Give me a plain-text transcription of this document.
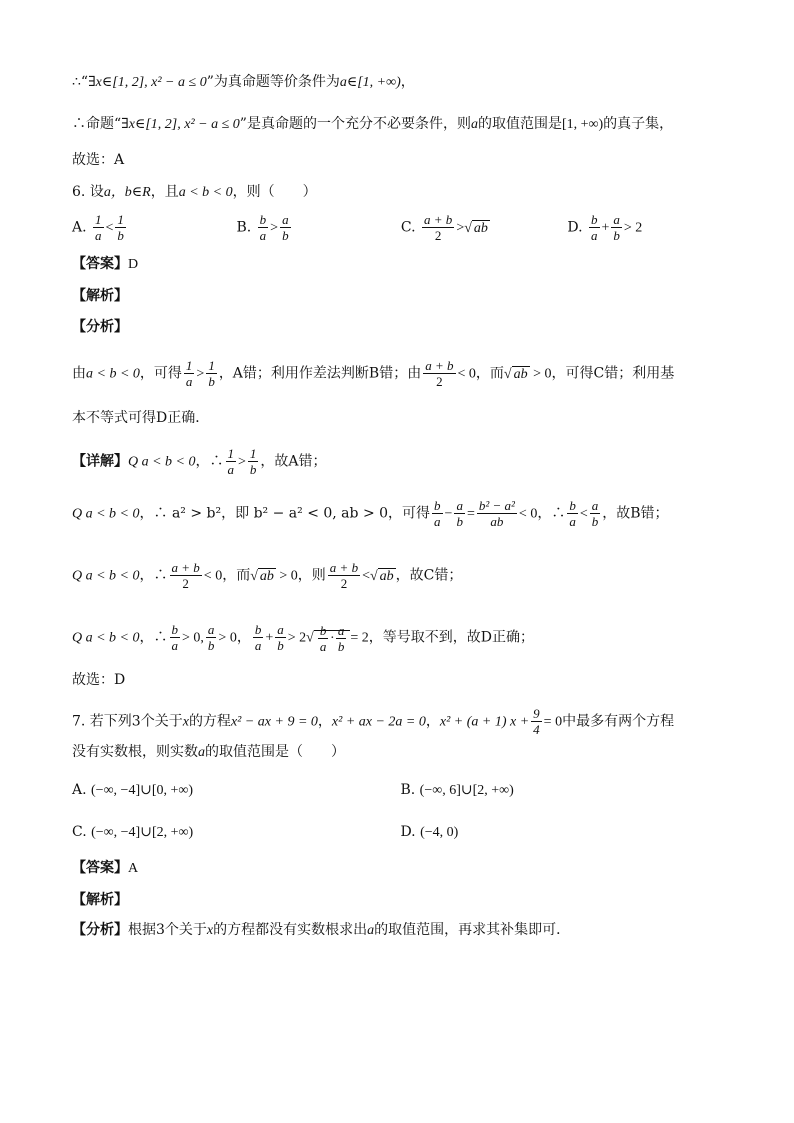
∴“∃x∈[1, 2], x² − a ≤ 0”为真命题等价条件为a∈[1, +∞)，
∴命题“∃x∈[1, 2], x² − a ≤ 0”是真命题的一个充分不必要条件，则a的取值范围是[1, +∞)的真子集，
故选：A
6. 设a，b∈R，且a < b < 0，则（　　）
A. $\frac{1}{a} < \frac{1}{b}$	B. $\frac{b}{a} > \frac{a}{b}$	C. $\frac{a + b}{2}$ >√ ab	D. $\frac{b}{a} + \frac{a}{b} > 2$
【答案】D
【解析】
【分析】
由a < b < 0，可得 $\frac{1}{a} > \frac{1}{b}$ ，A错；利用作差法判断B错；由 $\frac{a + b}{2} < 0$，而√ ab > 0，可得C错；利用基
本不等式可得D正确．
【详解】Q a < b < 0，∴ $\frac{1}{a} > \frac{1}{b}$ ，故A错；
Q a < b < 0，∴ a² > b²，即 b² − a² < 0, ab > 0，可得 $\frac{b}{a} - \frac{a}{b} = \frac{\text{b² − a²}}{ab} < 0$，∴ $\frac{b}{a} < \frac{a}{b}$ ，故B错；
Q a < b < 0，∴ $\frac{a + b}{2} < 0$，而√ ab > 0，则 $\frac{a + b}{2}$ <√ ab ，故C错；
Q a < b < 0，∴ $\frac{b}{a} > 0$, $\frac{a}{b} > 0$， $\frac{b}{a} + \frac{a}{b} > 2√ \frac{b}{a} \cdot \frac{a}{b} = 2$，等号取不到，故D正确；
故选：D
7. 若下列3个关于x的方程x² − ax + 9 = 0，x² + ax − 2a = 0，x² + (a + 1) $x + \frac{9}{4} = 0$中最多有两个方程
没有实数根，则实数a的取值范围是（　　）
A. (−∞, −4]∪[0, +∞)	B. (−∞, 6]∪[2, +∞)
C. (−∞, −4]∪[2, +∞)	D. (−4, 0)
【答案】A
【解析】
【分析】根据3个关于x的方程都没有实数根求出a的取值范围，再求其补集即可．
